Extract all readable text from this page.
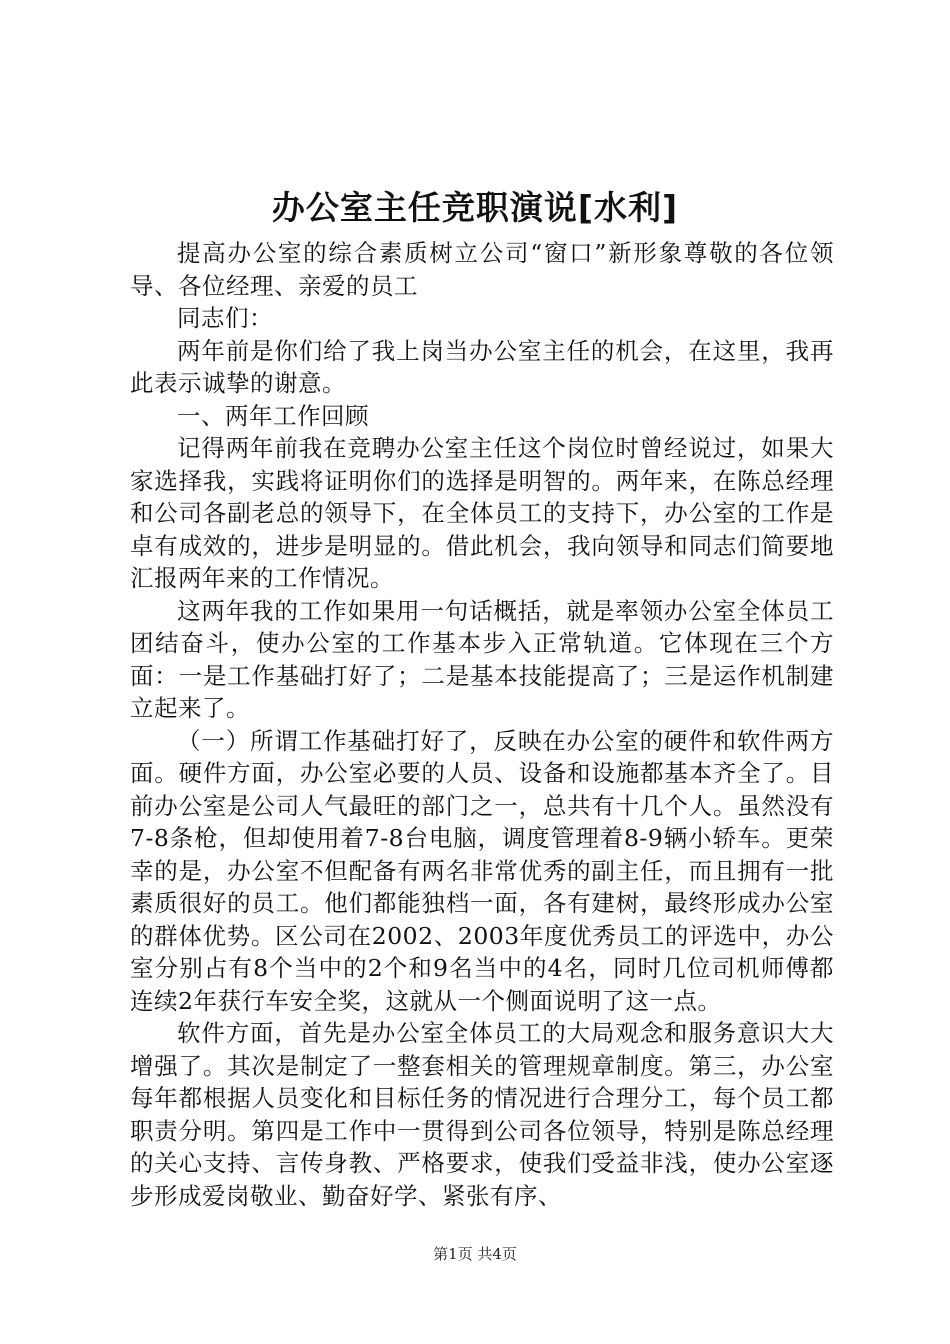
办公室主任竞职演说[水利]

提高办公室的综合素质树立公司“窗口”新形象尊敬的各位领导、各位经理、亲爱的员工

同志们：

两年前是你们给了我上岗当办公室主任的机会，在这里，我再此表示诚挚的谢意。

一、两年工作回顾

记得两年前我在竞聘办公室主任这个岗位时曾经说过，如果大家选择我，实践将证明你们的选择是明智的。两年来，在陈总经理和公司各副老总的领导下，在全体员工的支持下，办公室的工作是卓有成效的，进步是明显的。借此机会，我向领导和同志们简要地汇报两年来的工作情况。

这两年我的工作如果用一句话概括，就是率领办公室全体员工团结奋斗，使办公室的工作基本步入正常轨道。它体现在三个方面：一是工作基础打好了；二是基本技能提高了；三是运作机制建立起来了。

（一）所谓工作基础打好了，反映在办公室的硬件和软件两方面。硬件方面，办公室必要的人员、设备和设施都基本齐全了。目前办公室是公司人气最旺的部门之一，总共有十几个人。虽然没有7-8条枪，但却使用着7-8台电脑，调度管理着8-9辆小轿车。更荣幸的是，办公室不但配备有两名非常优秀的副主任，而且拥有一批素质很好的员工。他们都能独档一面，各有建树，最终形成办公室的群体优势。区公司在2002、2003年度优秀员工的评选中，办公室分别占有8个当中的2个和9名当中的4名，同时几位司机师傅都连续2年获行车安全奖，这就从一个侧面说明了这一点。

软件方面，首先是办公室全体员工的大局观念和服务意识大大增强了。其次是制定了一整套相关的管理规章制度。第三，办公室每年都根据人员变化和目标任务的情况进行合理分工，每个员工都职责分明。第四是工作中一贯得到公司各位领导，特别是陈总经理的关心支持、言传身教、严格要求，使我们受益非浅，使办公室逐步形成爱岗敬业、勤奋好学、紧张有序、

第1页 共4页
